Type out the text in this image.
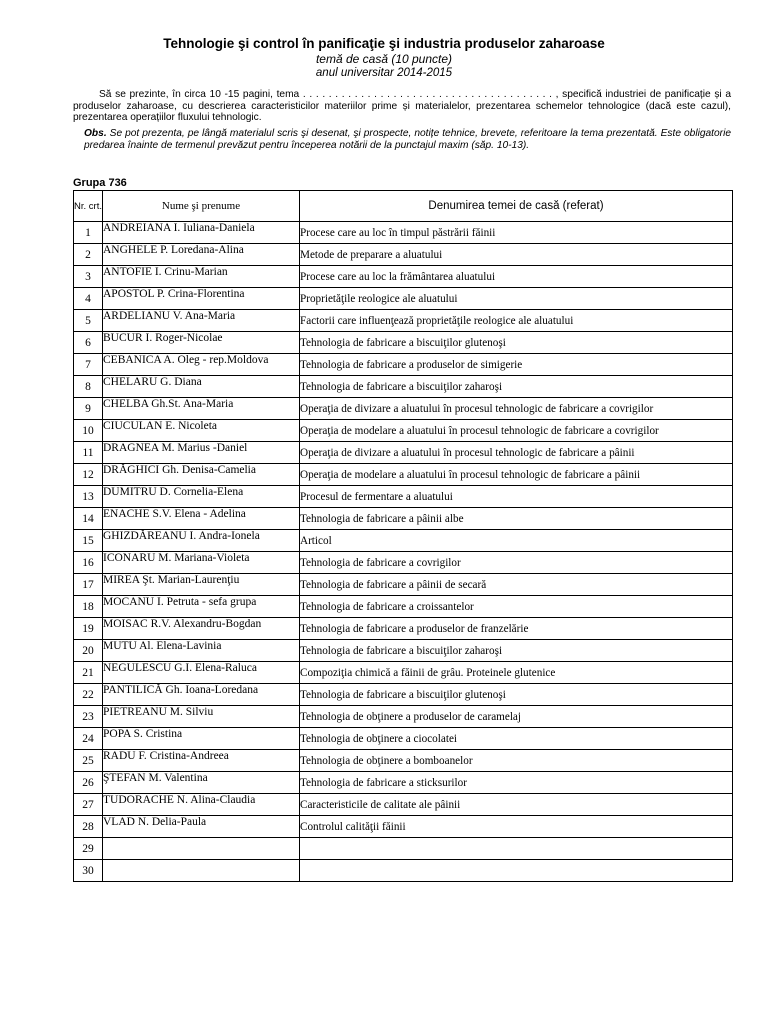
Tehnologie şi control în panificaţie şi industria produselor zaharoase

temă de casă (10 puncte)

anul universitar 2014-2015

Să se prezinte, în circa 10 -15 pagini, tema . . . . . . . . . . . . . . . . . . . . . . . . . . . . . . . . . . . . . . . , specifică industriei de panificație și a produselor zaharoase, cu descrierea caracteristicilor materiilor prime și materialelor, prezentarea schemelor tehnologice (dacă este cazul), prezentarea operațiilor fluxului tehnologic.

Obs. Se pot prezenta, pe lângă materialul scris şi desenat, şi prospecte, notițe tehnice, brevete, referitoare la tema prezentată. Este obligatorie predarea înainte de termenul prevăzut pentru începerea notării de la punctajul maxim (săp. 10-13).

Grupa 736

Nr. crt.	Nume şi prenume	Denumirea temei de casă (referat)
1	ANDREIANA I. Iuliana-Daniela	Procese care au loc în timpul păstrării făinii
2	ANGHELE P. Loredana-Alina	Metode de preparare a aluatului
3	ANTOFIE I. Crinu-Marian	Procese care au loc la frământarea aluatului
4	APOSTOL P. Crina-Florentina	Proprietăţile reologice ale aluatului
5	ARDELIANU V. Ana-Maria	Factorii care influenţează proprietăţile reologice ale aluatului
6	BUCUR I. Roger-Nicolae	Tehnologia de fabricare a biscuiţilor glutenoşi
7	CEBANICA A. Oleg - rep.Moldova	Tehnologia de fabricare a produselor de simigerie
8	CHELARU G. Diana	Tehnologia de fabricare a biscuiţilor zaharoşi
9	CHELBA Gh.St. Ana-Maria	Operaţia de divizare a aluatului în procesul tehnologic de fabricare a covrigilor
10	CIUCULAN E. Nicoleta	Operaţia de modelare a aluatului în procesul tehnologic de fabricare a covrigilor
11	DRAGNEA M. Marius -Daniel	Operaţia de divizare a aluatului în procesul tehnologic de fabricare a pâinii
12	DRĂGHICI Gh. Denisa-Camelia	Operaţia de modelare a aluatului în procesul tehnologic de fabricare a pâinii
13	DUMITRU D. Cornelia-Elena	Procesul de fermentare a aluatului
14	ENACHE S.V. Elena - Adelina	Tehnologia de fabricare a pâinii albe
15	GHIZDĂREANU I. Andra-Ionela	Articol
16	ICONARU M. Mariana-Violeta	Tehnologia de fabricare a covrigilor
17	MIREA Şt. Marian-Laurenţiu	Tehnologia de fabricare a pâinii de secară
18	MOCANU I. Petruta - sefa grupa	Tehnologia de fabricare a croissantelor
19	MOISAC R.V. Alexandru-Bogdan	Tehnologia de fabricare a produselor de franzelărie
20	MUTU Al. Elena-Lavinia	Tehnologia de fabricare a biscuiţilor zaharoşi
21	NEGULESCU G.I. Elena-Raluca	Compoziţia chimică a făinii de grâu. Proteinele glutenice
22	PANTILICĂ Gh. Ioana-Loredana	Tehnologia de fabricare a biscuiţilor glutenoşi
23	PIETREANU M. Silviu	Tehnologia de obţinere a produselor de caramelaj
24	POPA S. Cristina	Tehnologia de obţinere a ciocolatei
25	RADU F. Cristina-Andreea	Tehnologia de obţinere a bomboanelor
26	ŞTEFAN M. Valentina	Tehnologia de fabricare a sticksurilor
27	TUDORACHE N. Alina-Claudia	Caracteristicile de calitate ale pâinii
28	VLAD N. Delia-Paula	Controlul calităţii făinii
29		
30		
